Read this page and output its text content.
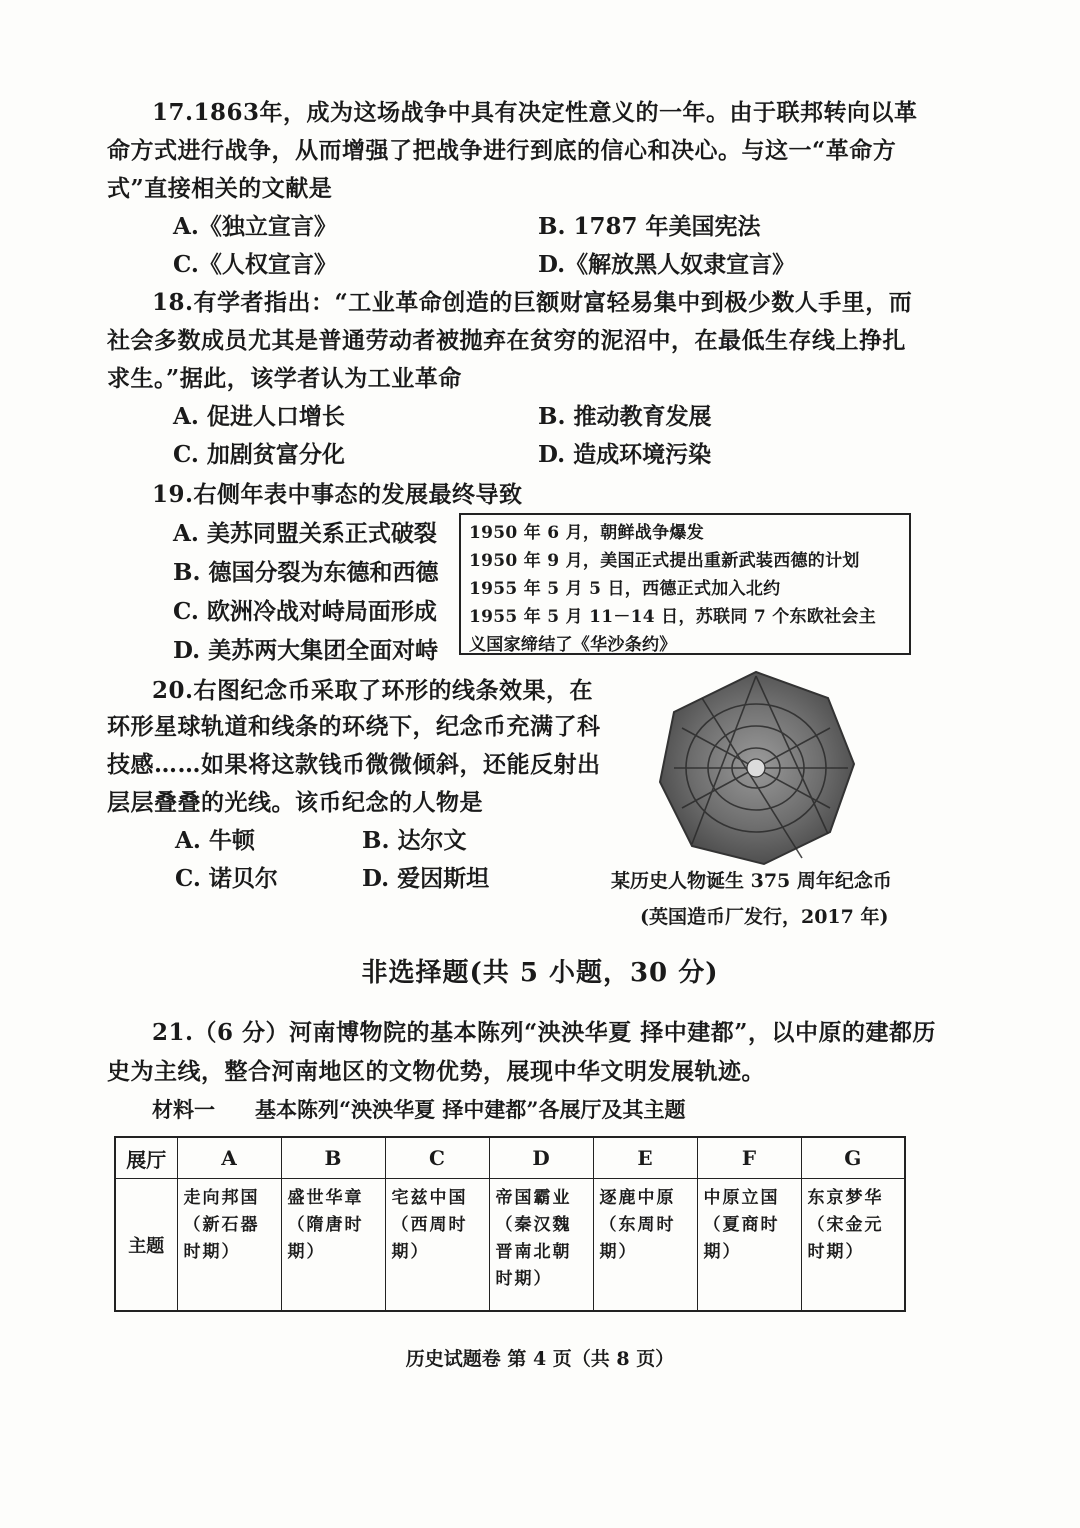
17.1863年，成为这场战争中具有决定性意义的一年。由于联邦转向以革
命方式进行战争，从而增强了把战争进行到底的信心和决心。与这一“革命方
式”直接相关的文献是
A.《独立宣言》	B. 1787 年美国宪法
C.《人权宣言》	D.《解放黑人奴隶宣言》
18.有学者指出：“工业革命创造的巨额财富轻易集中到极少数人手里，而
社会多数成员尤其是普通劳动者被抛弃在贫穷的泥沼中，在最低生存线上挣扎
求生。”据此，该学者认为工业革命
A. 促进人口增长	B. 推动教育发展
C. 加剧贫富分化	D. 造成环境污染
19.右侧年表中事态的发展最终导致
A. 美苏同盟关系正式破裂
B. 德国分裂为东德和西德
C. 欧洲冷战对峙局面形成
D. 美苏两大集团全面对峙
1950 年 6 月，朝鲜战争爆发
1950 年 9 月，美国正式提出重新武装西德的计划
1955 年 5 月 5 日，西德正式加入北约
1955 年 5 月 11－14 日，苏联同 7 个东欧社会主
义国家缔结了《华沙条约》
20.右图纪念币采取了环形的线条效果，在
环形星球轨道和线条的环绕下，纪念币充满了科
技感……如果将这款钱币微微倾斜，还能反射出
层层叠叠的光线。该币纪念的人物是
A. 牛顿	B. 达尔文
C. 诺贝尔	D. 爱因斯坦	某历史人物诞生 375 周年纪念币
(英国造币厂发行，2017 年)
非选择题(共 5 小题，30 分)
21.（6 分）河南博物院的基本陈列“泱泱华夏 择中建都”，以中原的建都历
史为主线，整合河南地区的文物优势，展现中华文明发展轨迹。
材料一 基本陈列“泱泱华夏 择中建都”各展厅及其主题
展厅	A	B	C	D	E	F	G
主题	走向邦国（新石器时期）	盛世华章（隋唐时期）	宅兹中国（西周时期）	帝国霸业（秦汉魏晋南北朝时期）	逐鹿中原（东周时期）	中原立国（夏商时期）	东京梦华（宋金元时期）
历史试题卷 第 4 页（共 8 页）
